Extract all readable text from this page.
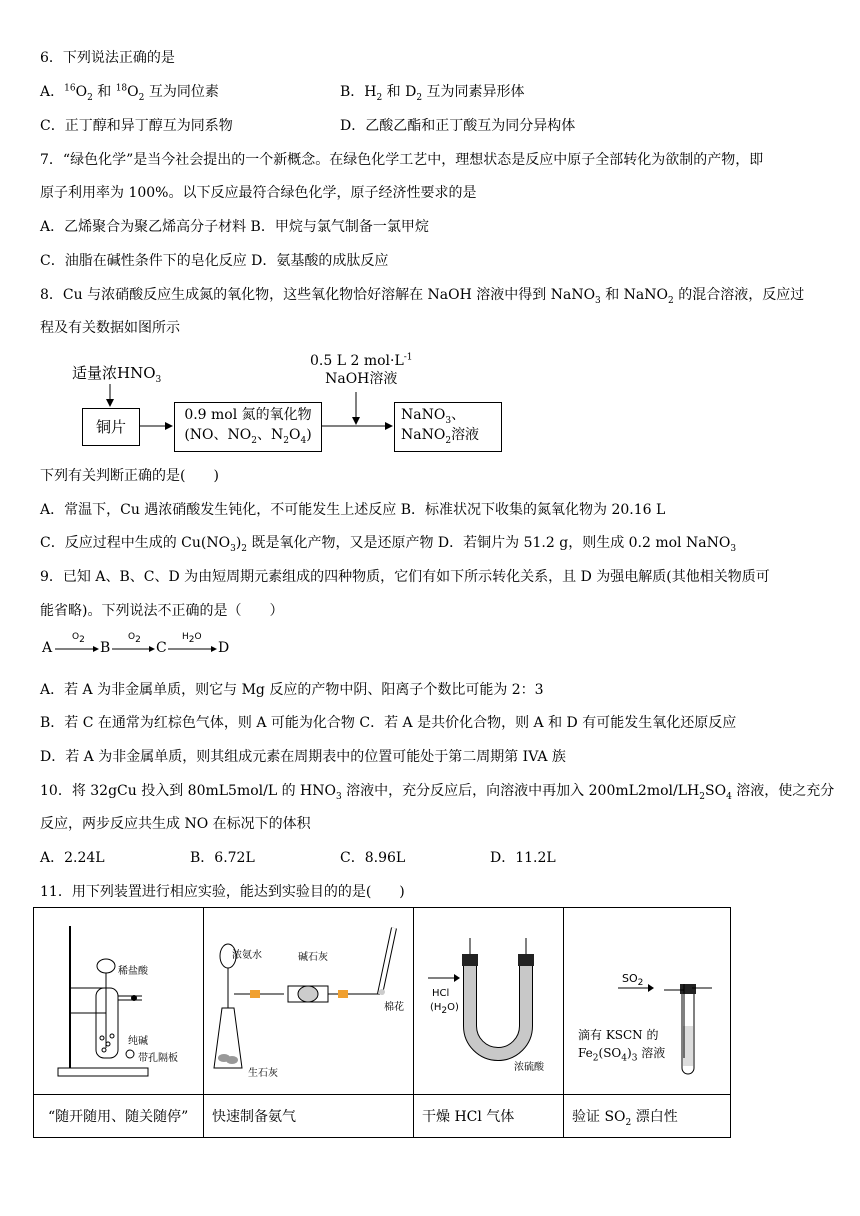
6．下列说法正确的是
A．$^{16}O_2$ 和 $^{18}O_2$ 互为同位素	B．$H_2$ 和 $D_2$ 互为同素异形体
C．正丁醇和异丁醇互为同系物	D．乙酸乙酯和正丁酸互为同分异构体
7．“绿色化学”是当今社会提出的一个新概念。在绿色化学工艺中，理想状态是反应中原子全部转化为欲制的产物，即
原子利用率为 100%。以下反应最符合绿色化学，原子经济性要求的是
A．乙烯聚合为聚乙烯高分子材料 B．甲烷与氯气制备一氯甲烷
C．油脂在碱性条件下的皂化反应 D．氨基酸的成肽反应
8．Cu 与浓硝酸反应生成氮的氧化物，这些氧化物恰好溶解在 NaOH 溶液中得到 NaNO$_3$ 和 NaNO$_2$ 的混合溶液，反应过
程及有关数据如图所示
适量浓$HNO_3$
铜片
0.9 mol 氮的氧化物
(NO、$NO_2$、$N_2O_4$)
0.5 L 2 $mol\cdot L^{-1}$
NaOH溶液
NaNO$_3$、
NaNO$_2$溶液
下列有关判断正确的是(　　)
A．常温下，Cu 遇浓硝酸发生钝化，不可能发生上述反应 B．标准状况下收集的氮氧化物为 20.16 L
C．反应过程中生成的 $Cu(NO_3)_2$ 既是氧化产物，又是还原产物 D．若铜片为 51.2 g，则生成 0.2 mol NaNO$_3$
9．已知 A、B、C、D 为由短周期元素组成的四种物质，它们有如下所示转化关系，且 D 为强电解质(其他相关物质可
能省略)。下列说法不正确的是（　　）
A	B	C	D
$O_2$	$O_2$	$H_2O$
A．若 A 为非金属单质，则它与 Mg 反应的产物中阴、阳离子个数比可能为 2：3
B．若 C 在通常为红棕色气体，则 A 可能为化合物 C．若 A 是共价化合物，则 A 和 D 有可能发生氧化还原反应
D．若 A 为非金属单质，则其组成元素在周期表中的位置可能处于第二周期第 IVA 族
10．将 32gCu 投入到 80mL5mol/L 的 $HNO_3$ 溶液中，充分反应后，向溶液中再加入 $200mL2mol/LH_2SO_4$ 溶液，使之充分
反应，两步反应共生成 NO 在标况下的体积
A．2.24L	B．6.72L	C．8.96L	D．11.2L
11．用下列装置进行相应实验，能达到实验目的的是(　　)
稀盐酸
纯碱
带孔隔板	浓氨水 碱石灰
棉花
生石灰	HCl
$(H_2O)$
浓硫酸	$SO_2$
滴有 KSCN 的
$Fe_2(SO_4)_3$ 溶液

“随开随用、随关随停”	快速制备氨气	干燥 HCl 气体	验证 $SO_2$ 漂白性
